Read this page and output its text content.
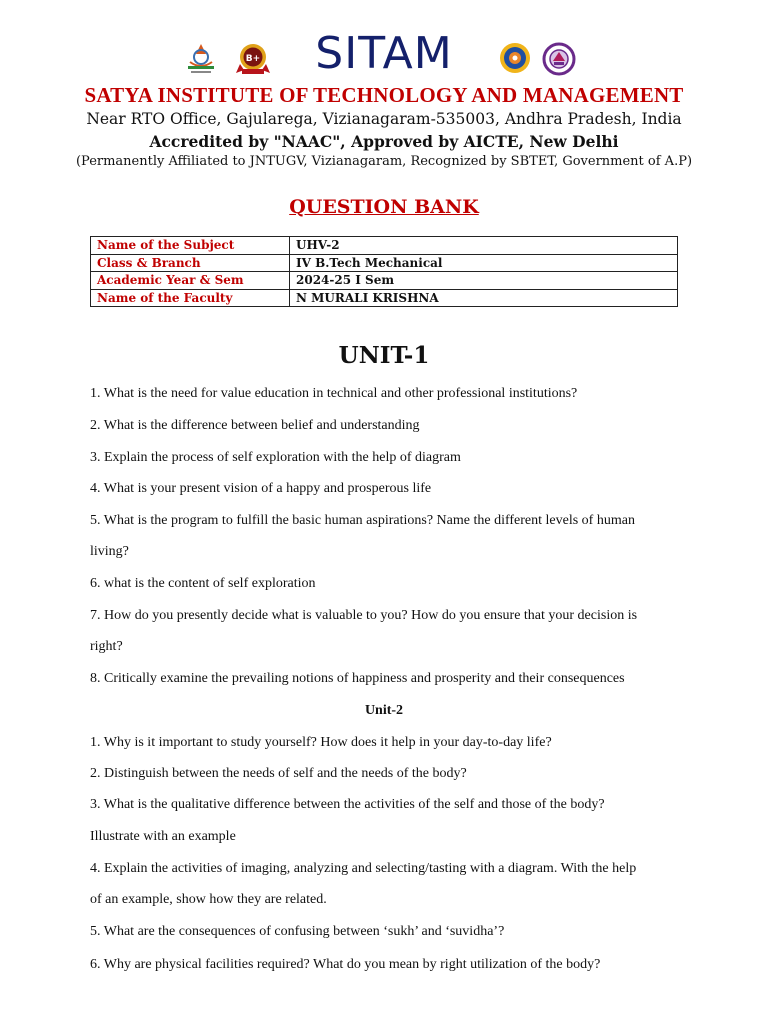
B+	SITAM
SATYA INSTITUTE OF TECHNOLOGY AND MANAGEMENT
Near RTO Office, Gajularega, Vizianagaram-535003, Andhra Pradesh, India
Accredited by "NAAC", Approved by AICTE, New Delhi
(Permanently Affiliated to JNTUGV, Vizianagaram, Recognized by SBTET, Government of A.P)
QUESTION BANK
Name of the Subject	UHV-2
Class & Branch	IV B.Tech Mechanical
Academic Year & Sem	2024-25 I Sem
Name of the Faculty	N MURALI KRISHNA
UNIT-1
1. What is the need for value education in technical and other professional institutions?
2. What is the difference between belief and understanding
3. Explain the process of self exploration with the help of diagram
4. What is your present vision of a happy and prosperous life
5. What is the program to fulfill the basic human aspirations? Name the different levels of human
living?
6. what is the content of self exploration
7. How do you presently decide what is valuable to you? How do you ensure that your decision is
right?
8. Critically examine the prevailing notions of happiness and prosperity and their consequences
Unit-2
1. Why is it important to study yourself? How does it help in your day-to-day life?
2. Distinguish between the needs of self and the needs of the body?
3. What is the qualitative difference between the activities of the self and those of the body?
Illustrate with an example
4. Explain the activities of imaging, analyzing and selecting/tasting with a diagram. With the help
of an example, show how they are related.
5. What are the consequences of confusing between ‘sukh’ and ‘suvidha’?
6. Why are physical facilities required? What do you mean by right utilization of the body?
